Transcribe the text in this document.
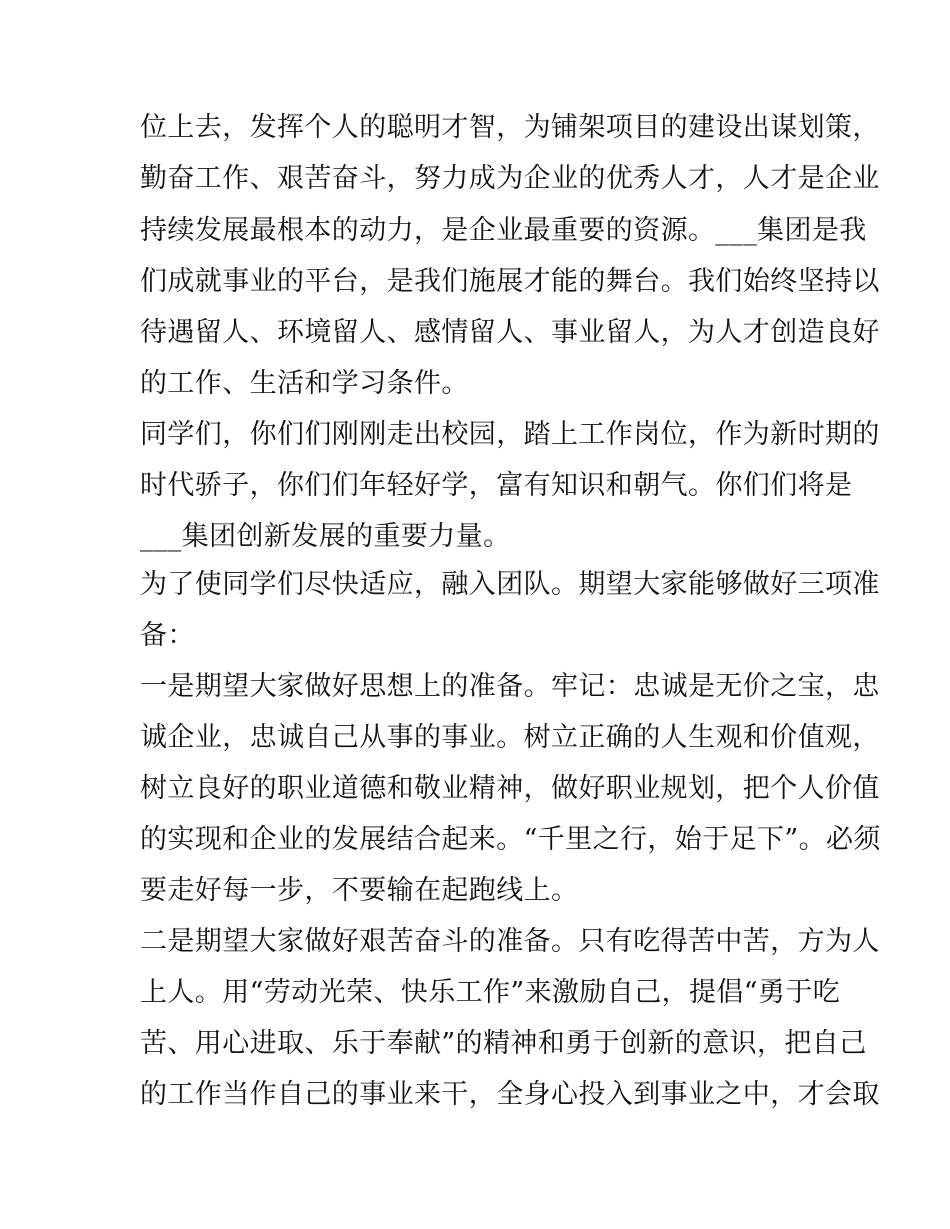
位上去，发挥个人的聪明才智，为铺架项目的建设出谋划策，
勤奋工作、艰苦奋斗，努力成为企业的优秀人才，人才是企业
持续发展最根本的动力，是企业最重要的资源。___集团是我
们成就事业的平台，是我们施展才能的舞台。我们始终坚持以
待遇留人、环境留人、感情留人、事业留人，为人才创造良好
的工作、生活和学习条件。
同学们，你们们刚刚走出校园，踏上工作岗位，作为新时期的
时代骄子，你们们年轻好学，富有知识和朝气。你们们将是
___集团创新发展的重要力量。
为了使同学们尽快适应，融入团队。期望大家能够做好三项准
备：
一是期望大家做好思想上的准备。牢记：忠诚是无价之宝，忠
诚企业，忠诚自己从事的事业。树立正确的人生观和价值观，
树立良好的职业道德和敬业精神，做好职业规划，把个人价值
的实现和企业的发展结合起来。“千里之行，始于足下”。必须
要走好每一步，不要输在起跑线上。
二是期望大家做好艰苦奋斗的准备。只有吃得苦中苦，方为人
上人。用“劳动光荣、快乐工作”来激励自己，提倡“勇于吃
苦、用心进取、乐于奉献”的精神和勇于创新的意识，把自己
的工作当作自己的事业来干，全身心投入到事业之中，才会取
